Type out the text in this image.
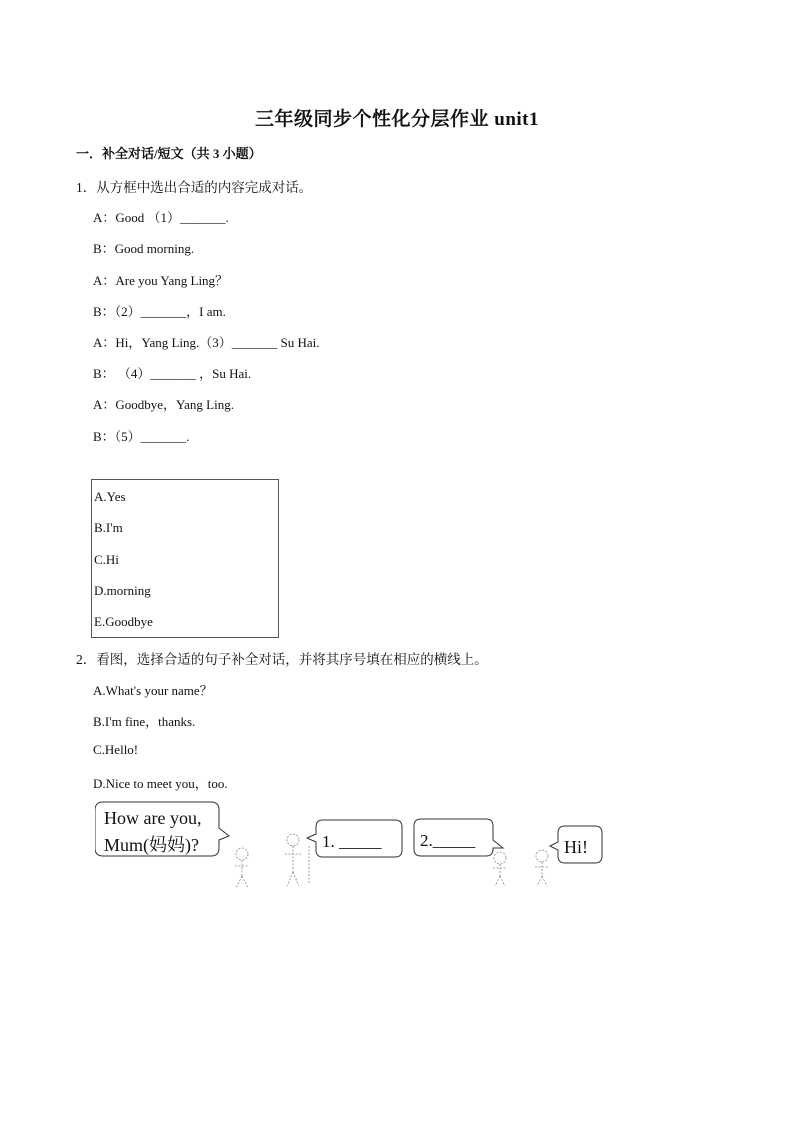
三年级同步个性化分层作业 unit1
一．补全对话/短文（共 3 小题）
1．从方框中选出合适的内容完成对话。
A：Good （1）_______.
B：Good morning.
A：Are you Yang Ling？
B：（2）_______，I am.
A：Hi，Yang Ling.（3）_______ Su Hai.
B： （4）_______ ，Su Hai.
A：Goodbye，Yang Ling.
B：（5）_______.
A.Yes
B.I'm
C.Hi
D.morning
E.Goodbye
2．看图，选择合适的句子补全对话，并将其序号填在相应的横线上。
A.What's your name？
B.I'm fine，thanks.
C.Hello!
D.Nice to meet you，too.
How are you,
Mum(妈妈)?	1. _____ 2._____	Hi!
